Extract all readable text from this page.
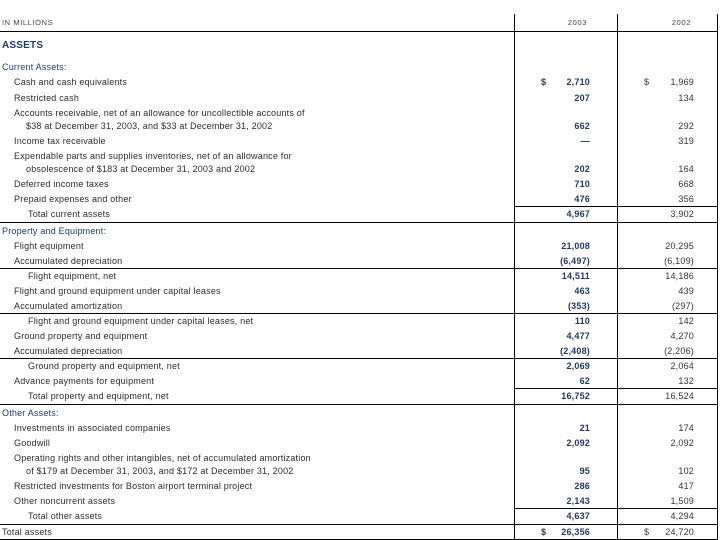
IN MILLIONS	2003	2002
ASSETS
Current Assets:
Cash and cash equivalents	$	2,710	$	1,969
Restricted cash	207	134
Accounts receivable, net of an allowance for uncollectible accounts of
$38 at December 31, 2003, and $33 at December 31, 2002	662	292
Income tax receivable	—	319
Expendable parts and supplies inventories, net of an allowance for
obsolescence of $183 at December 31, 2003 and 2002	202	164
Deferred income taxes	710	668
Prepaid expenses and other	476	356
Total current assets	4,967	3,902
Property and Equipment:
Flight equipment	21,008	20,295
Accumulated depreciation	(6,497)	(6,109)
Flight equipment, net	14,511	14,186
Flight and ground equipment under capital leases	463	439
Accumulated amortization	(353)	(297)
Flight and ground equipment under capital leases, net	110	142
Ground property and equipment	4,477	4,270
Accumulated depreciation	(2,408)	(2,206)
Ground property and equipment, net	2,069	2,064
Advance payments for equipment	62	132
Total property and equipment, net	16,752	16,524
Other Assets:
Investments in associated companies	21	174
Goodwill	2,092	2,092
Operating rights and other intangibles, net of accumulated amortization
of $179 at December 31, 2003, and $172 at December 31, 2002	95	102
Restricted investments for Boston airport terminal project	286	417
Other noncurrent assets	2,143	1,509
Total other assets	4,637	4,294
Total assets	$	26,356	$	24,720
